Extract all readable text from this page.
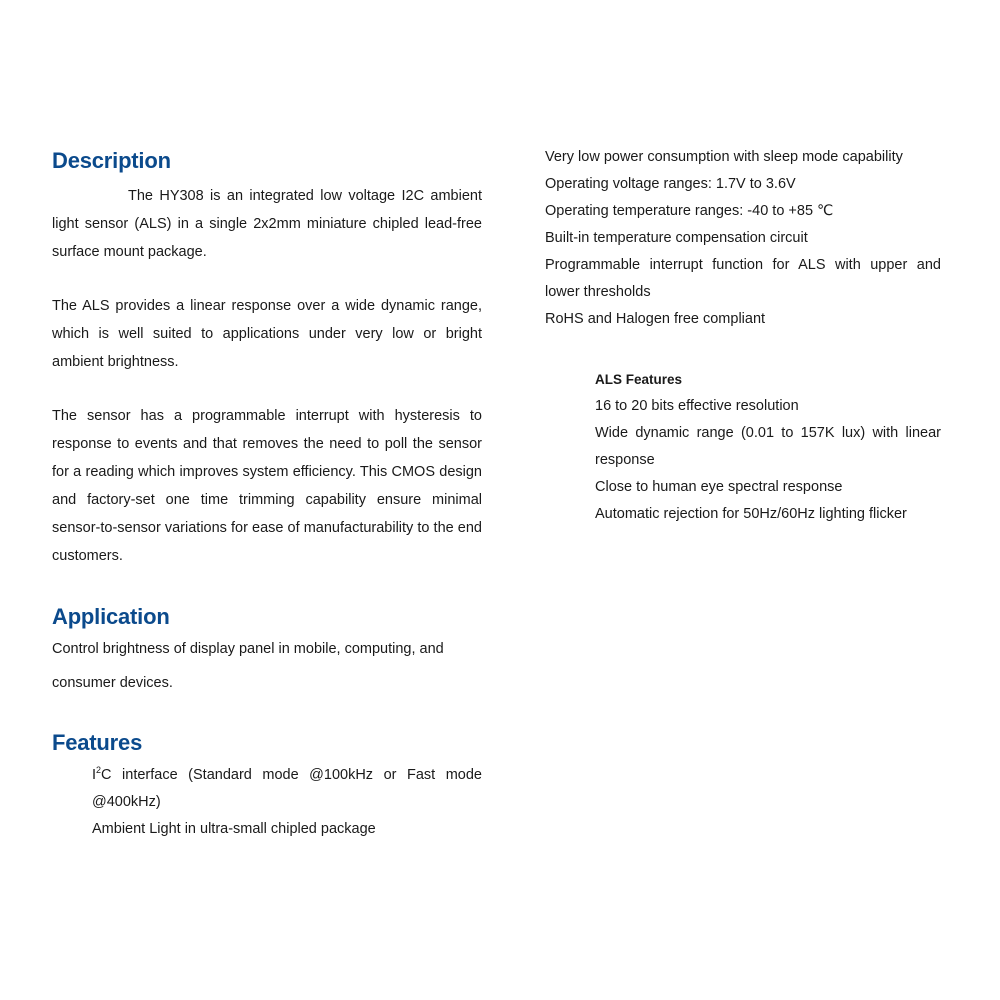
Description

The HY308 is an integrated low voltage I2C ambient light sensor (ALS) in a single 2x2mm miniature chipled lead-free surface mount package.

The ALS provides a linear response over a wide dynamic range, which is well suited to applications under very low or bright ambient brightness.

The sensor has a programmable interrupt with hysteresis to response to events and that removes the need to poll the sensor for a reading which improves system efficiency. This CMOS design and factory-set one time trimming capability ensure minimal sensor-to-sensor variations for ease of manufacturability to the end customers.

Application

Control brightness of display panel in mobile, computing, and consumer devices.

Features
$I^2C$ interface (Standard mode @100kHz or Fast mode @400kHz)
Ambient Light in ultra-small chipled package
Very low power consumption with sleep mode capability
Operating voltage ranges: 1.7V to 3.6V
Operating temperature ranges: -40 to +85 ℃
Built-in temperature compensation circuit
Programmable interrupt function for ALS with upper and lower thresholds
RoHS and Halogen free compliant

ALS Features

16 to 20 bits effective resolution
Wide dynamic range (0.01 to 157K lux) with linear response
Close to human eye spectral response
Automatic rejection for 50Hz/60Hz lighting flicker
